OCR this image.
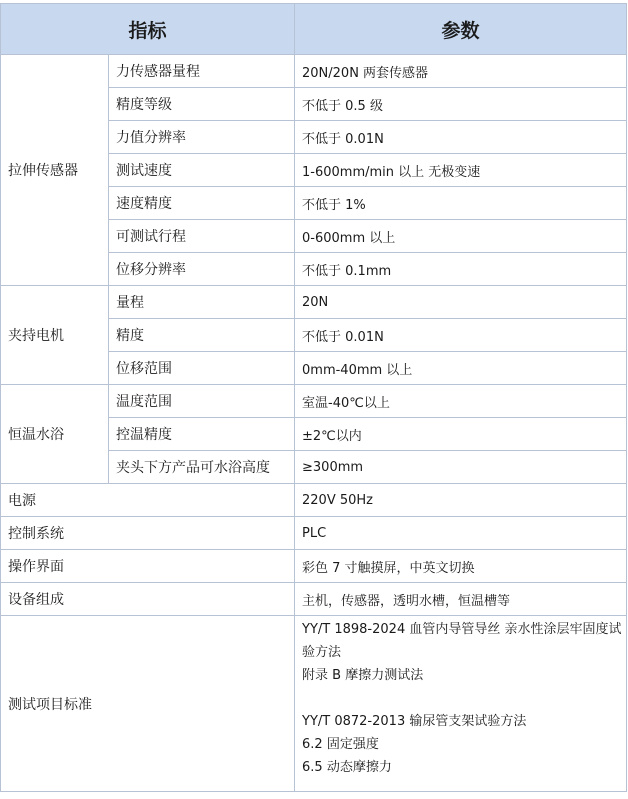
指标		参数
拉伸传感器	力传感器量程	20N/20N 两套传感器
	精度等级	不低于 0.5 级
	力值分辨率	不低于 0.01N
	测试速度	1-600mm/min 以上 无极变速
	速度精度	不低于 1%
	可测试行程	0-600mm 以上
	位移分辨率	不低于 0.1mm
夹持电机	量程	20N
	精度	不低于 0.01N
	位移范围	0mm-40mm 以上
恒温水浴	温度范围	室温-40℃以上
	控温精度	±2℃以内
	夹头下方产品可水浴高度	≥300mm
电源		220V 50Hz
控制系统		PLC
操作界面		彩色 7 寸触摸屏，中英文切换
设备组成		主机，传感器，透明水槽，恒温槽等
测试项目标准		YY/T 1898-2024 血管内导管导丝 亲水性涂层牢固度试验方法
附录 B 摩擦力测试法
YY/T 0872-2013 输尿管支架试验方法
6.2 固定强度
6.5 动态摩擦力
